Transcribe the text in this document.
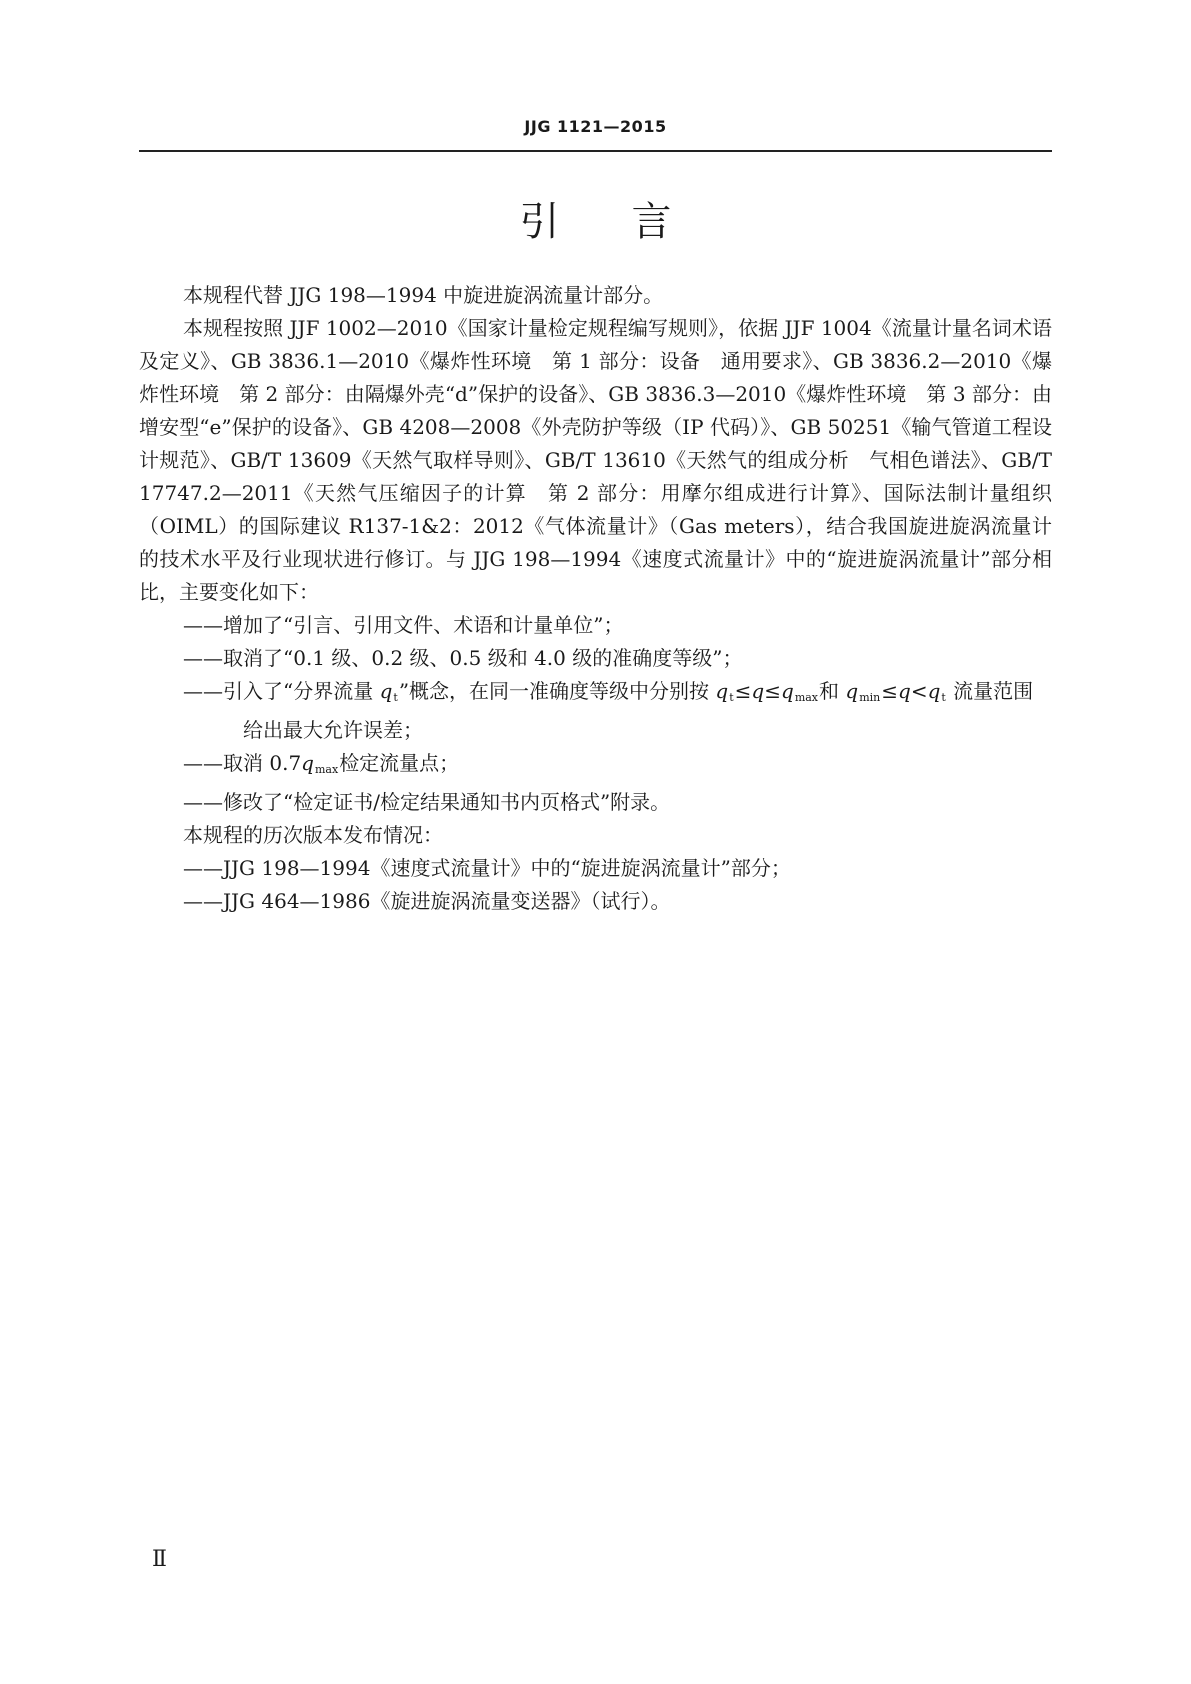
JJG 1121—2015
引言

本规程代替 JJG 198—1994 中旋进旋涡流量计部分。

本规程按照 JJF 1002—2010《国家计量检定规程编写规则》，依据 JJF 1004《流量计量名词术语及定义》、GB 3836.1—2010《爆炸性环境　第 1 部分：设备　通用要求》、GB 3836.2—2010《爆炸性环境　第 2 部分：由隔爆外壳“d”保护的设备》、GB 3836.3—2010《爆炸性环境　第 3 部分：由增安型“e”保护的设备》、GB 4208—2008《外壳防护等级（IP 代码）》、GB 50251《输气管道工程设计规范》、GB/T 13609《天然气取样导则》、GB/T 13610《天然气的组成分析　气相色谱法》、GB/T 17747.2—2011《天然气压缩因子的计算　第 2 部分：用摩尔组成进行计算》、国际法制计量组织（OIML）的国际建议 R137-1&2：2012《气体流量计》（Gas meters），结合我国旋进旋涡流量计的技术水平及行业现状进行修订。与 JJG 198—1994《速度式流量计》中的“旋进旋涡流量计”部分相比，主要变化如下：

——增加了“引言、引用文件、术语和计量单位”；

——取消了“0.1 级、0.2 级、0.5 级和 4.0 级的准确度等级”；

——引入了“分界流量 $q_t$”概念，在同一准确度等级中分别按 $q_t\le q\le q_{max}$和 $q_{min}\le q<q_t$ 流量范围给出最大允许误差；

——取消 $0.7q_{max}$检定流量点；

——修改了“检定证书/检定结果通知书内页格式”附录。

本规程的历次版本发布情况：

——JJG 198—1994《速度式流量计》中的“旋进旋涡流量计”部分；

——JJG 464—1986《旋进旋涡流量变送器》（试行）。

Ⅱ
